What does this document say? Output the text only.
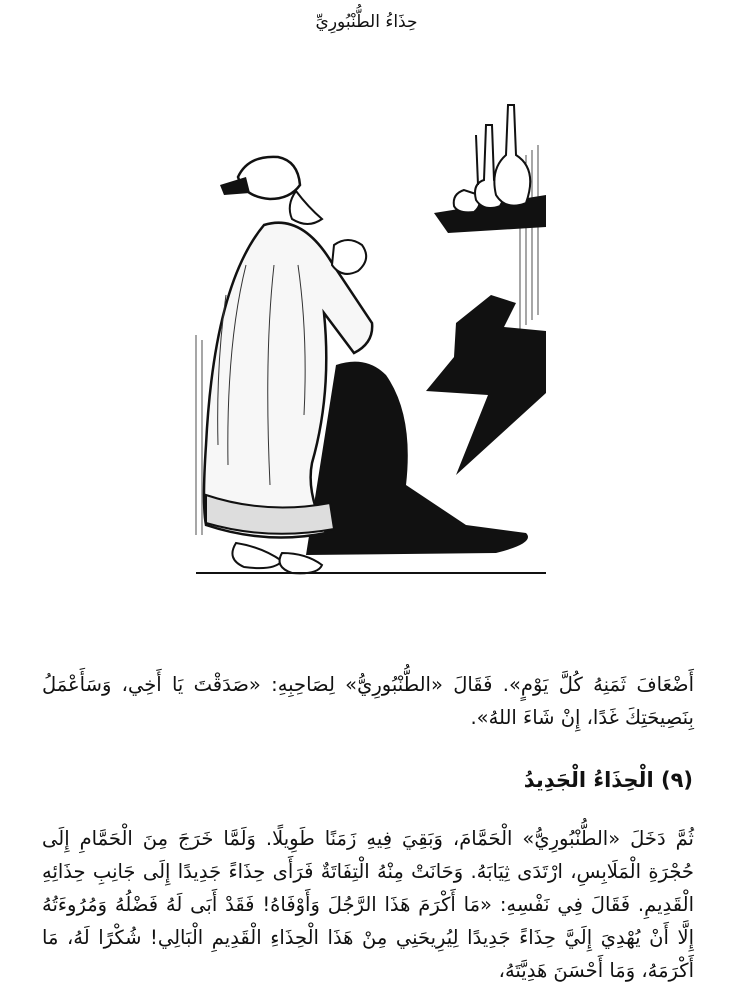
حِذَاءُ الطُّنْبُورِيِّ
أَضْعَافَ ثَمَنِهُ كُلَّ يَوْمٍ». فَقَالَ «الطُّنْبُورِيُّ» لِصَاحِبِهِ: «صَدَقْتَ يَا أَخِي، وَسَأَعْمَلُ بِنَصِيحَتِكَ غَدًا، إِنْ شَاءَ اللهُ».
(٩) الْحِذَاءُ الْجَدِيدُ
ثُمَّ دَخَلَ «الطُّنْبُورِيُّ» الْحَمَّامَ، وَبَقِيَ فِيهِ زَمَنًا طَوِيلًا. وَلَمَّا خَرَجَ مِنَ الْحَمَّامِ إِلَى حُجْرَةِ الْمَلَابِسِ، ارْتَدَى ثِيَابَهُ. وَحَانَتْ مِنْهُ الْتِفَاتَةٌ فَرَأَى حِذَاءً جَدِيدًا إِلَى جَانِبِ حِذَائِهِ الْقَدِيمِ. فَقَالَ فِي نَفْسِهِ: «مَا أَكْرَمَ هَذَا الرَّجُلَ وَأَوْفَاهُ! فَقَدْ أَبَى لَهُ فَضْلُهُ وَمُرُوءَتُهُ إِلَّا أَنْ يُهْدِيَ إِلَيَّ حِذَاءً جَدِيدًا لِيُرِيحَنِي مِنْ هَذَا الْحِذَاءِ الْقَدِيمِ الْبَالِي! شُكْرًا لَهُ، مَا أَكْرَمَهُ، وَمَا أَحْسَنَ هَدِيَّتَهُ،
